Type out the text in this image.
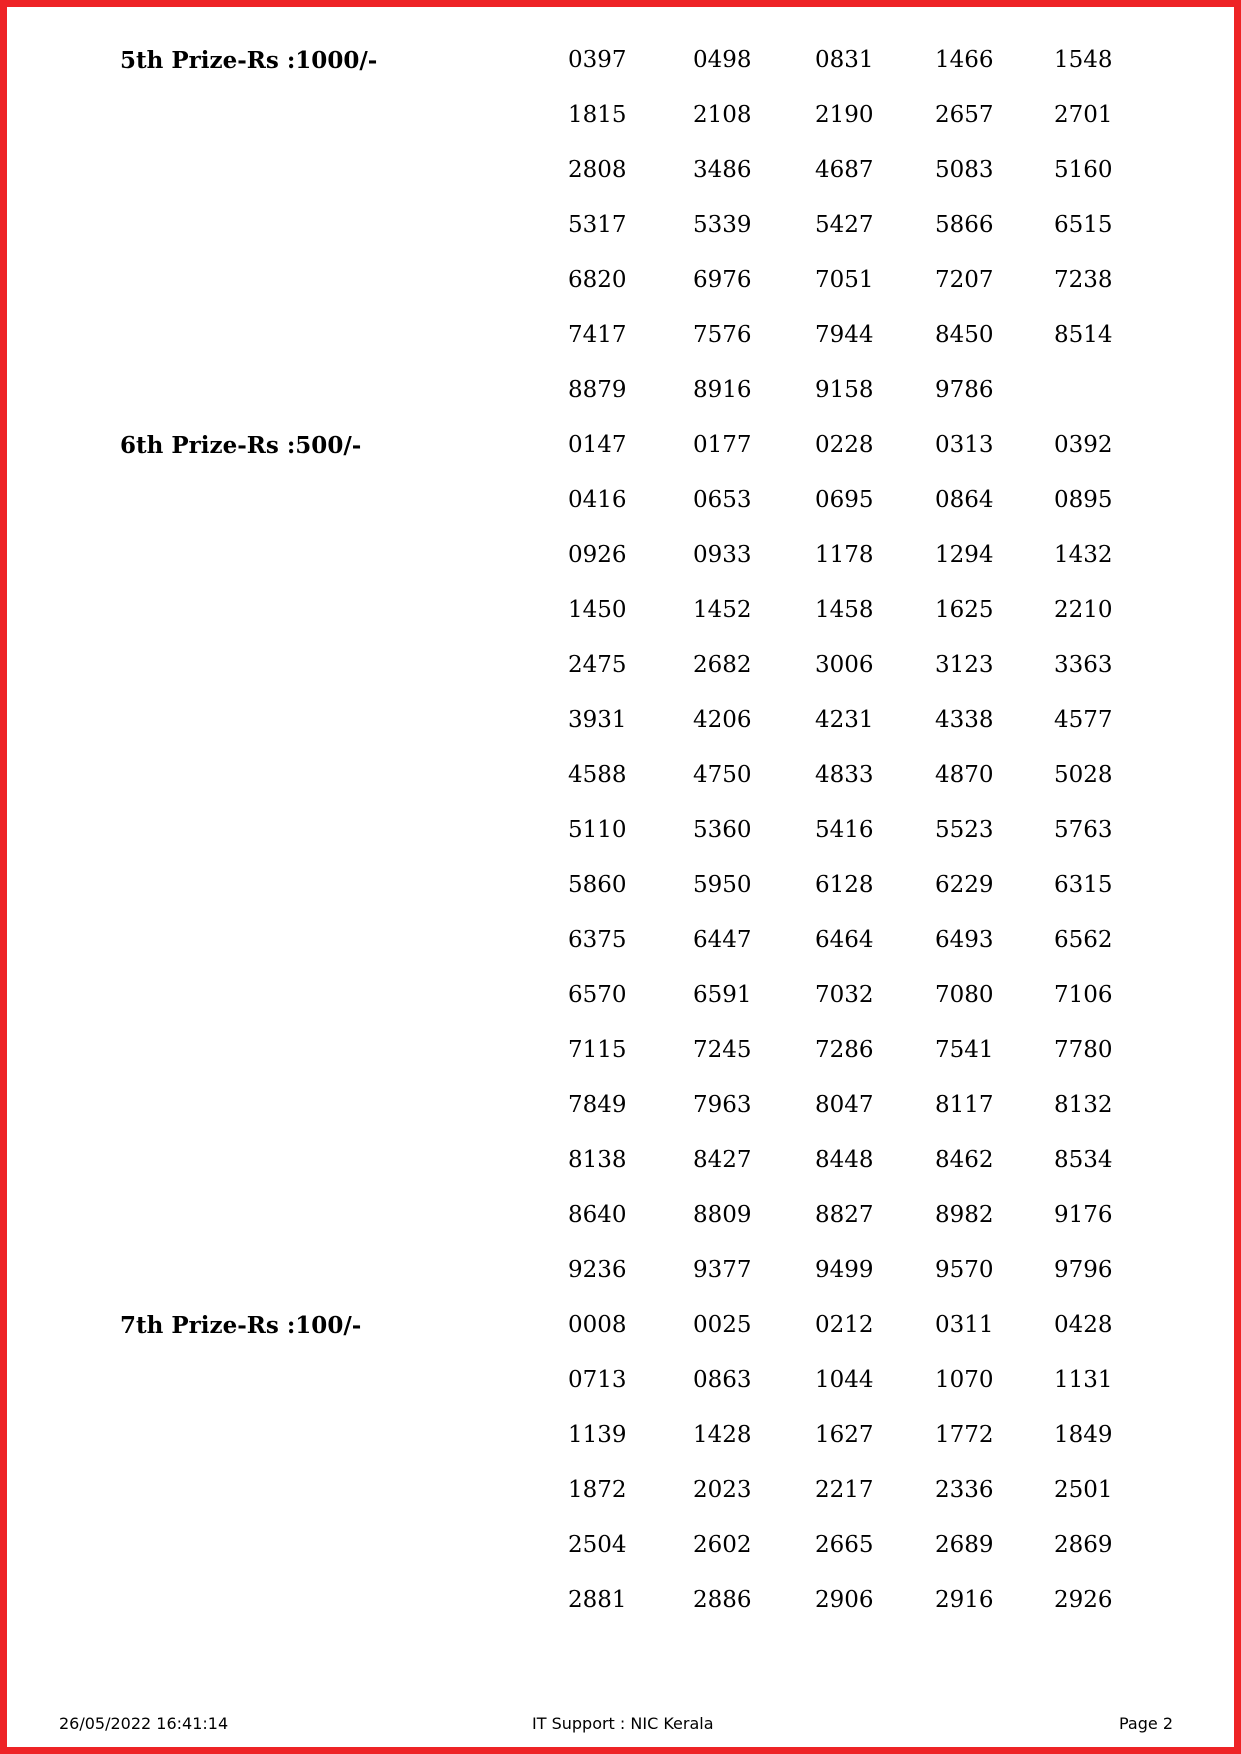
5th Prize-Rs :1000/-	0397	0498	0831	1466	1548
1815	2108	2190	2657	2701
2808	3486	4687	5083	5160
5317	5339	5427	5866	6515
6820	6976	7051	7207	7238
7417	7576	7944	8450	8514
8879	8916	9158	9786
6th Prize-Rs :500/-	0147	0177	0228	0313	0392
0416	0653	0695	0864	0895
0926	0933	1178	1294	1432
1450	1452	1458	1625	2210
2475	2682	3006	3123	3363
3931	4206	4231	4338	4577
4588	4750	4833	4870	5028
5110	5360	5416	5523	5763
5860	5950	6128	6229	6315
6375	6447	6464	6493	6562
6570	6591	7032	7080	7106
7115	7245	7286	7541	7780
7849	7963	8047	8117	8132
8138	8427	8448	8462	8534
8640	8809	8827	8982	9176
9236	9377	9499	9570	9796
7th Prize-Rs :100/-	0008	0025	0212	0311	0428
0713	0863	1044	1070	1131
1139	1428	1627	1772	1849
1872	2023	2217	2336	2501
2504	2602	2665	2689	2869
2881	2886	2906	2916	2926
26/05/2022 16:41:14	IT Support : NIC Kerala	Page 2
